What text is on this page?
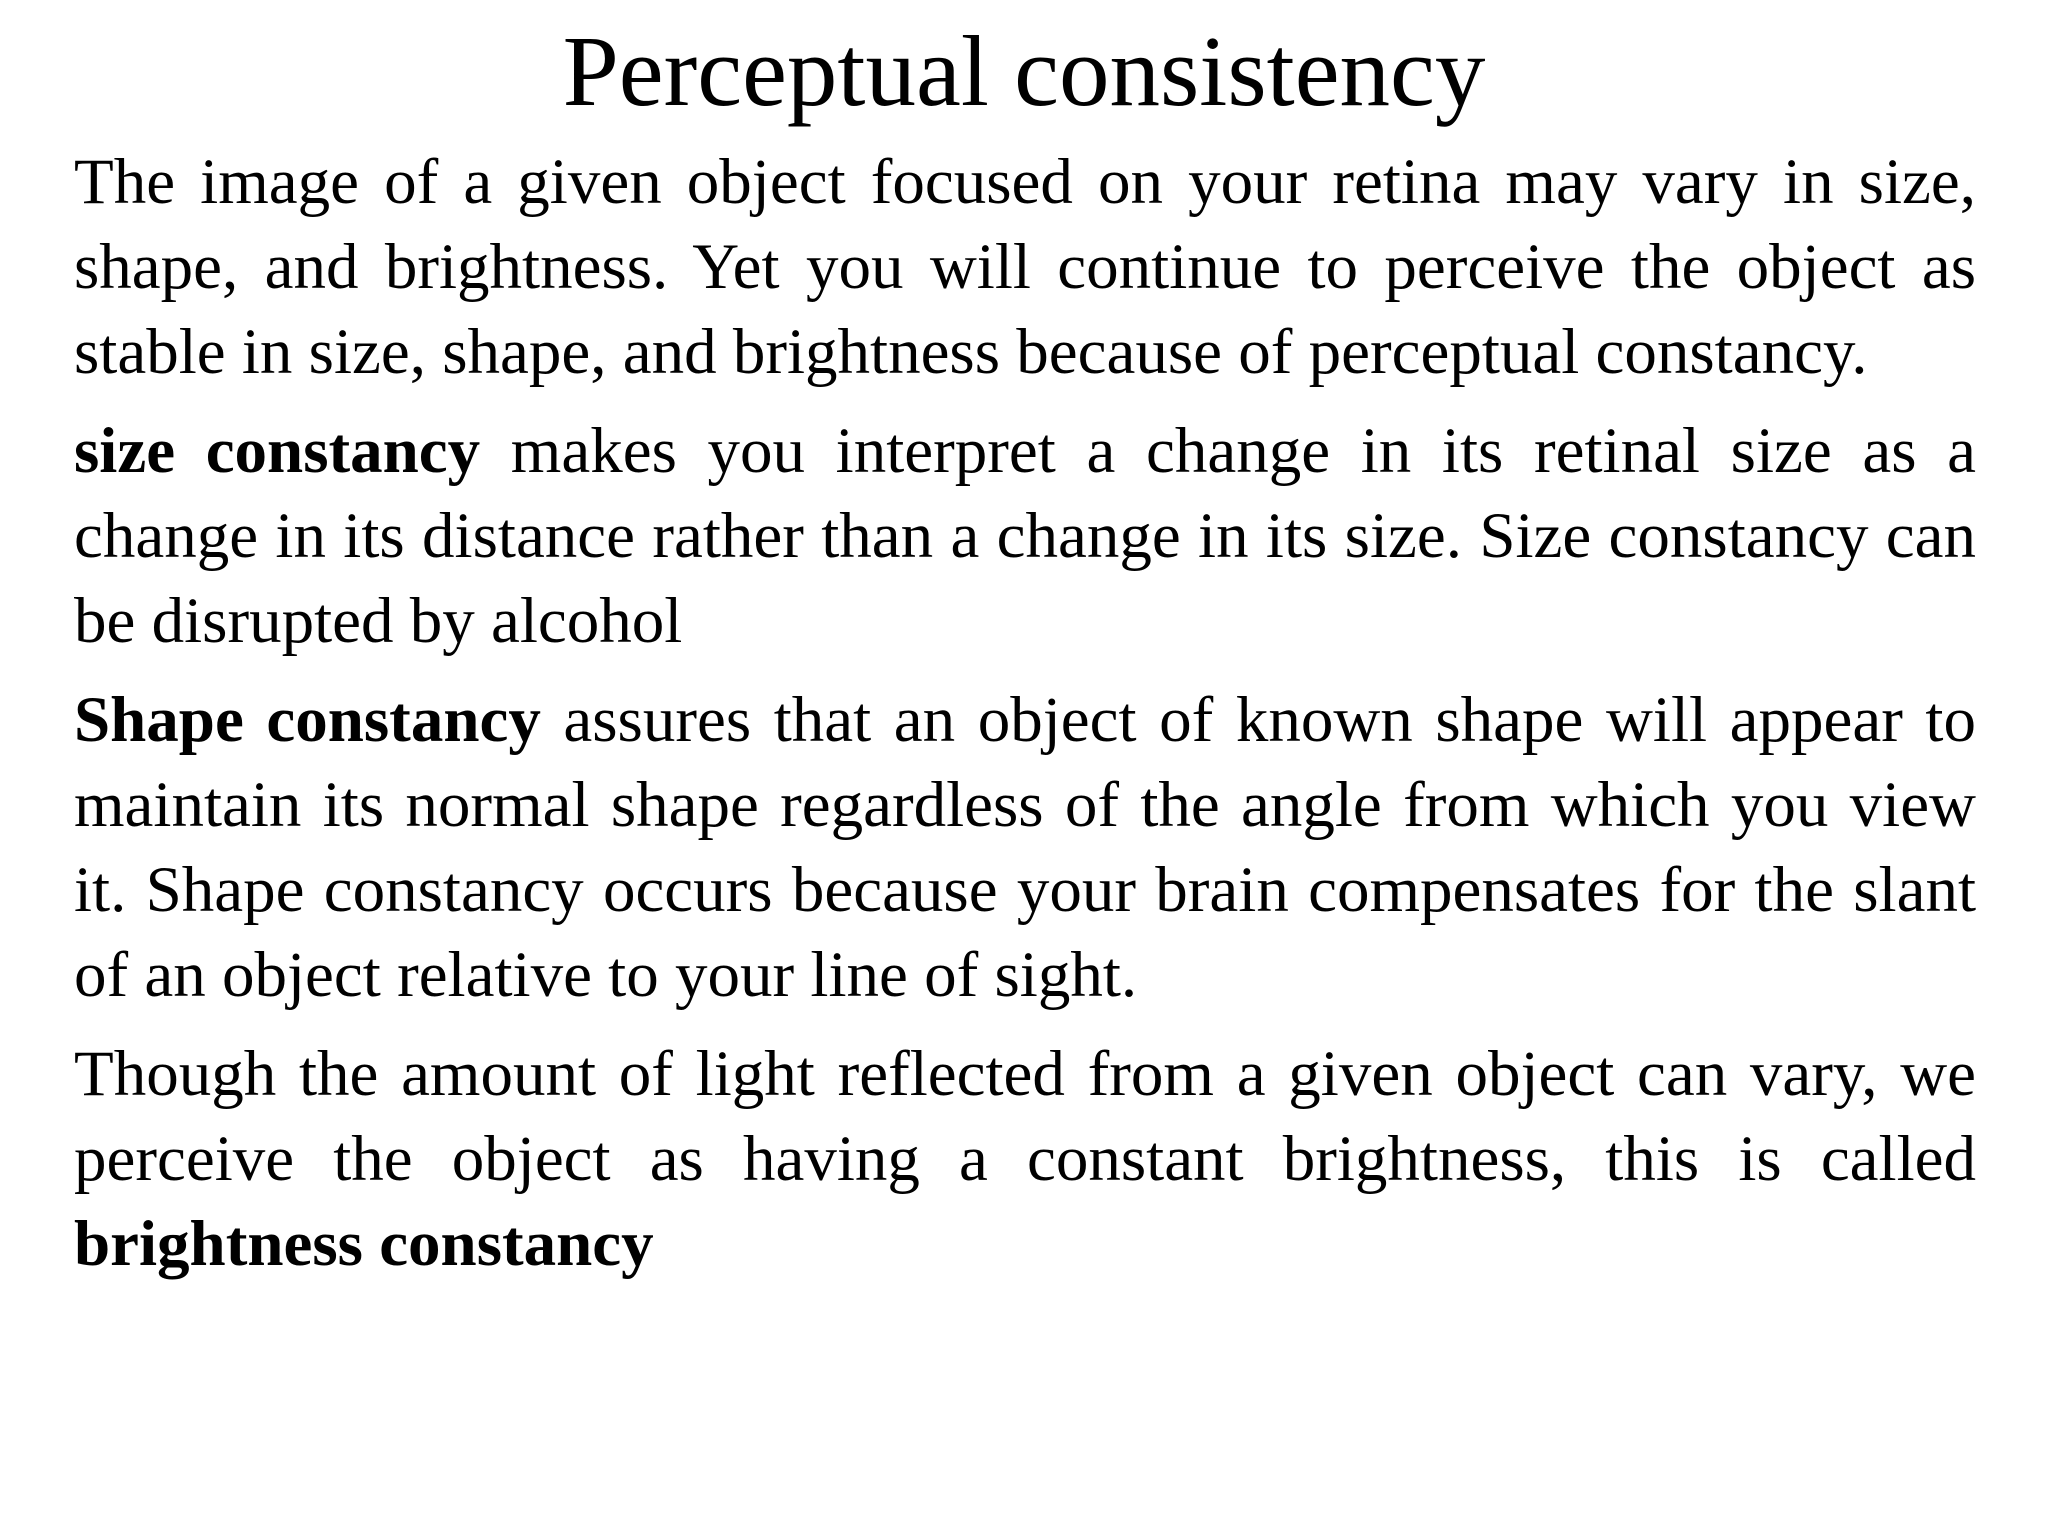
Perceptual consistency

The image of a given object focused on your retina may vary in size, shape, and brightness. Yet you will continue to perceive the object as stable in size, shape, and brightness because of perceptual constancy.

size constancy makes you interpret a change in its retinal size as a change in its distance rather than a change in its size. Size constancy can be disrupted by alcohol

Shape constancy assures that an object of known shape will appear to maintain its normal shape regardless of the angle from which you view it. Shape constancy occurs because your brain compensates for the slant of an object relative to your line of sight.

Though the amount of light reflected from a given object can vary, we perceive the object as having a constant brightness, this is called brightness constancy
